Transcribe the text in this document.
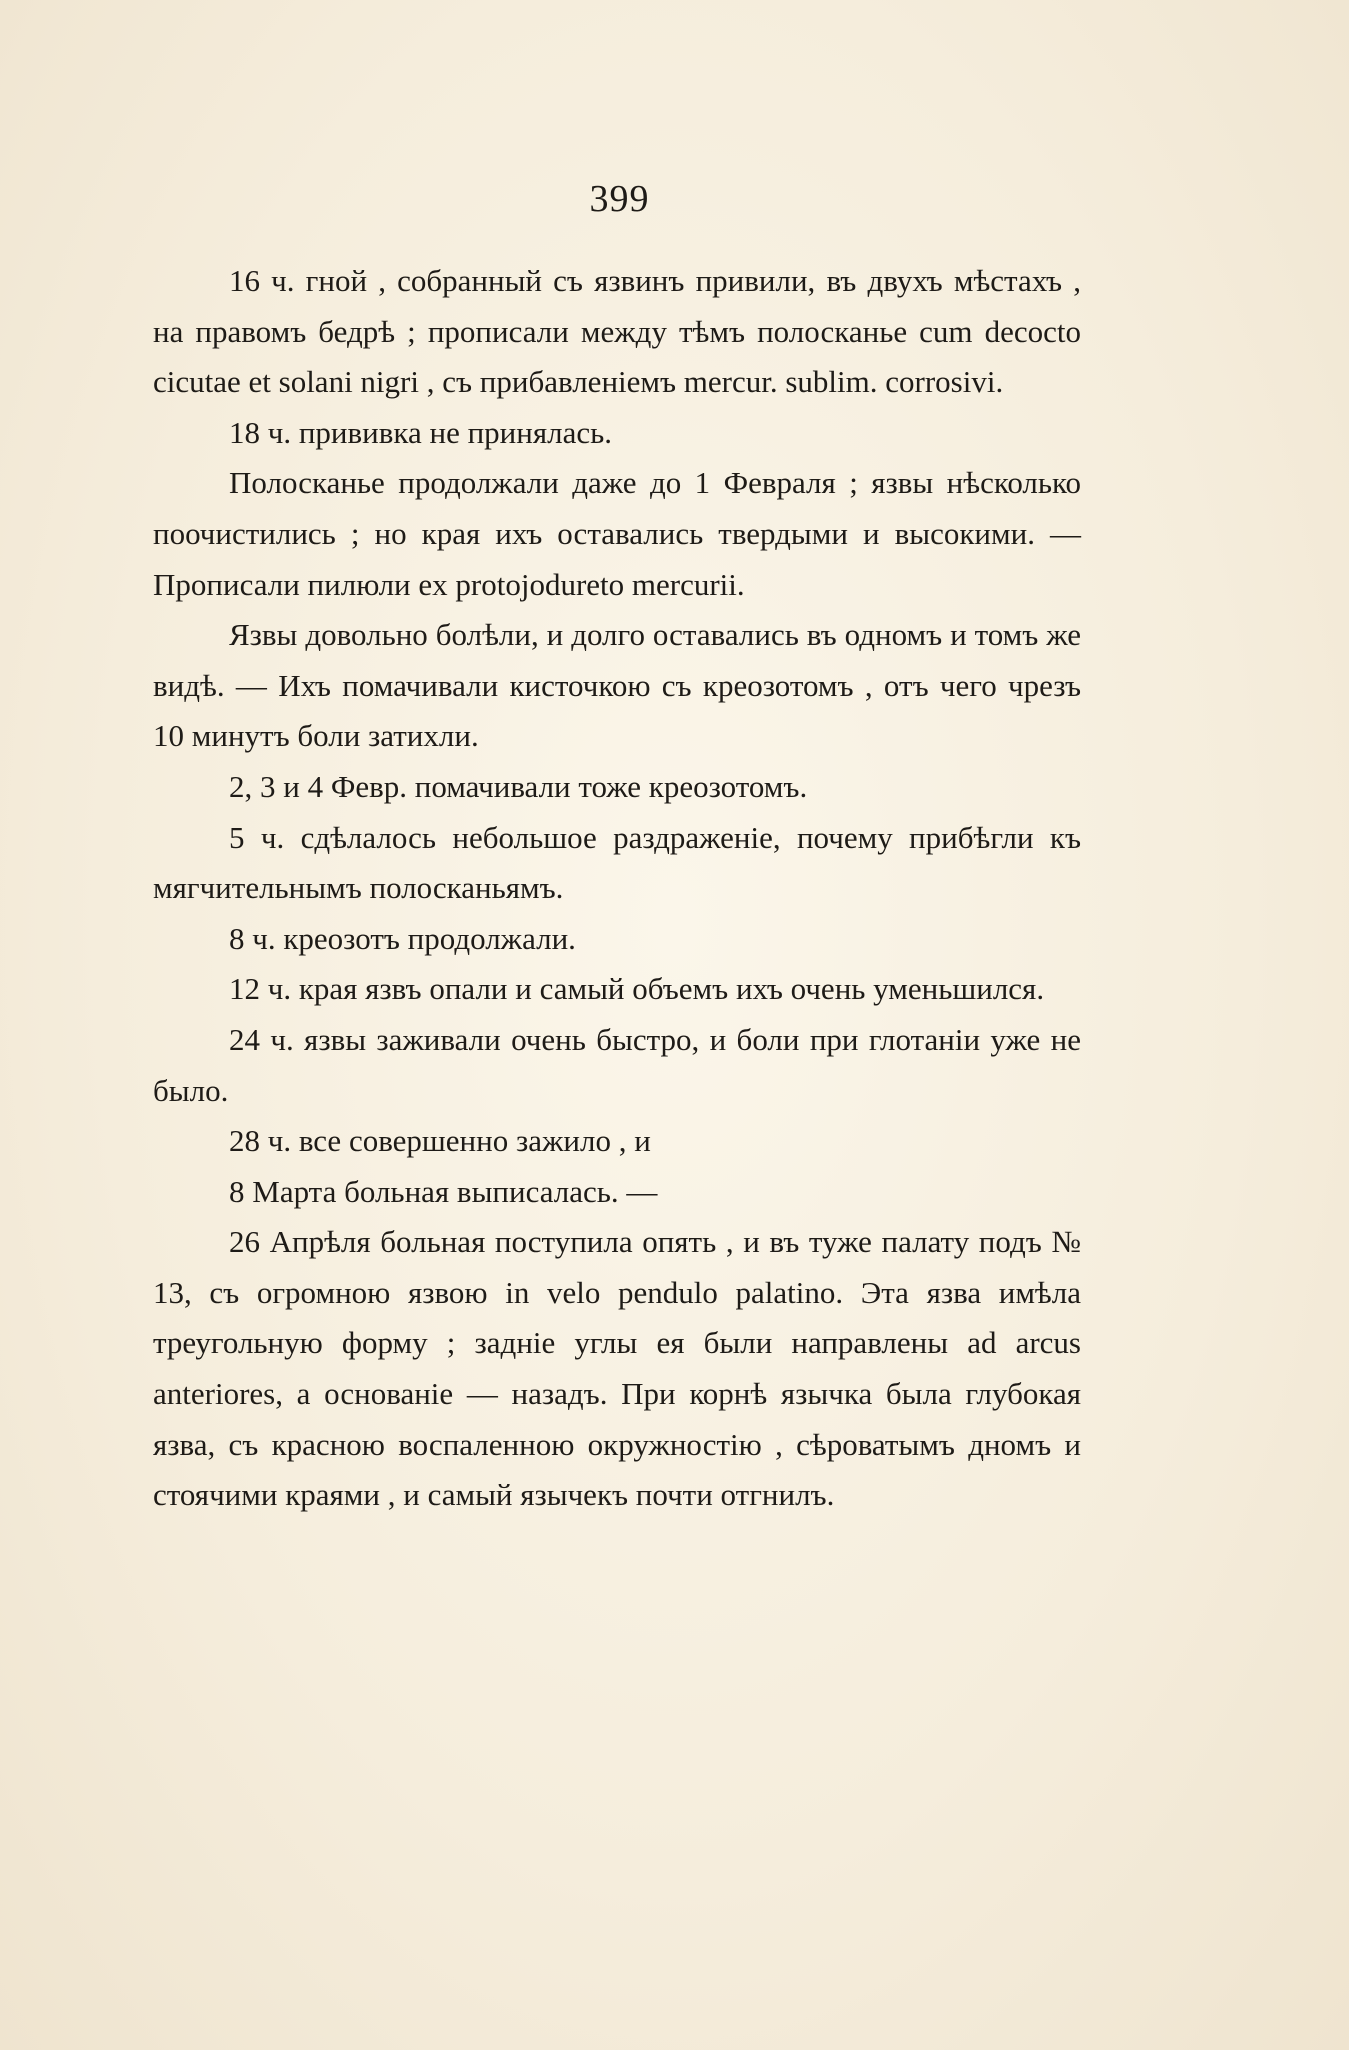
399

16 ч. гной , собранный съ язвинъ привили, въ двухъ мѣстахъ , на правомъ бедрѣ ; прописали между тѣмъ полосканье cum decocto cicutae et solani nigri , съ прибавленіемъ mercur. sublim. corrosivi.

18 ч. прививка не принялась.

Полосканье продолжали даже до 1 Февраля ; язвы нѣсколько поочистились ; но края ихъ оставались твердыми и высокими. — Прописали пилюли ex protojodureto mercurii.

Язвы довольно болѣли, и долго оставались въ одномъ и томъ же видѣ. — Ихъ помачивали кисточкою съ креозотомъ , отъ чего чрезъ 10 минутъ боли затихли.

2, 3 и 4 Февр. помачивали тоже креозотомъ.

5 ч. сдѣлалось небольшое раздраженіе, почему прибѣгли къ мягчительнымъ полосканьямъ.

8 ч. креозотъ продолжали.

12 ч. края язвъ опали и самый объемъ ихъ очень уменьшился.

24 ч. язвы заживали очень быстро, и боли при глотаніи уже не было.

28 ч. все совершенно зажило , и

8 Марта больная выписалась. —

26 Апрѣля больная поступила опять , и въ туже палату подъ № 13, съ огромною язвою in velo pendulo palatino. Эта язва имѣла треугольную форму ; задніе углы ея были направлены ad arcus anteriores, а основаніе — назадъ. При корнѣ язычка была глубокая язва, съ красною воспаленною окружностію , сѣроватымъ дномъ и стоячими краями , и самый язычекъ почти отгнилъ.
